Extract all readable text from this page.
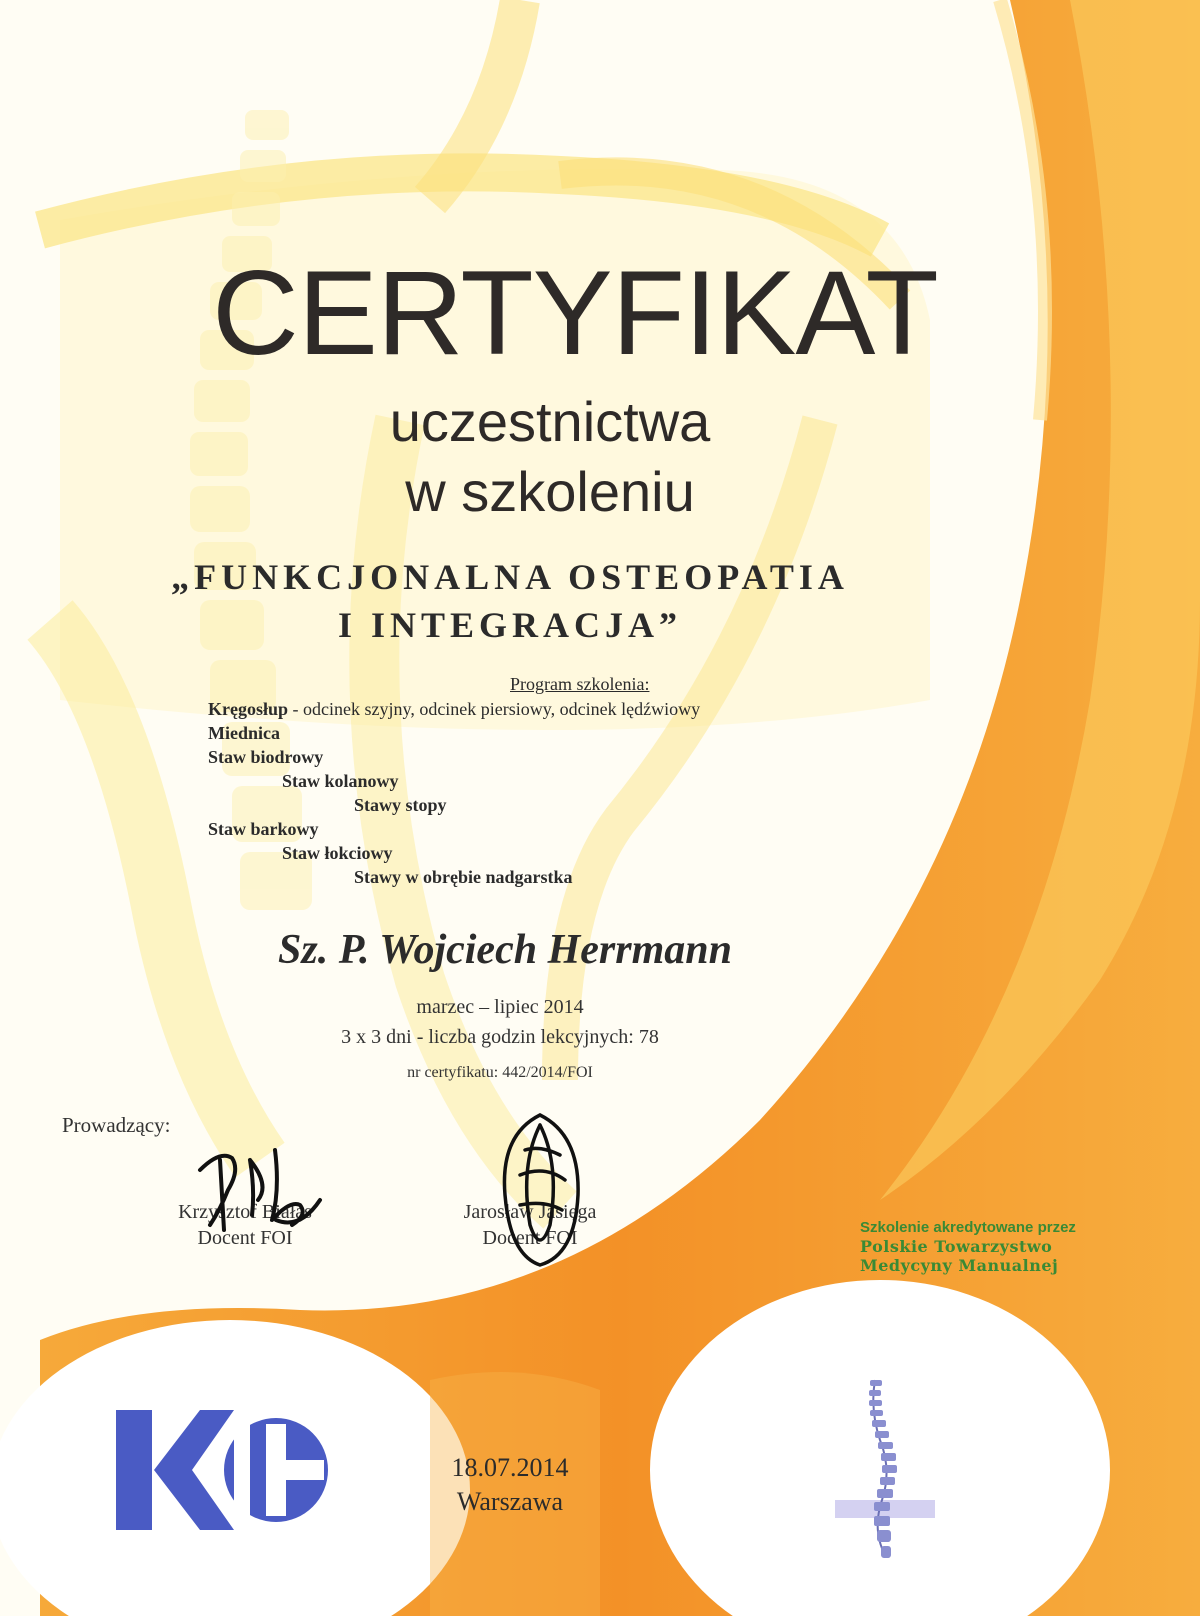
CERTYFIKAT
uczestnictwa
w szkoleniu
„FUNKCJONALNA OSTEOPATIA
I INTEGRACJA”
Program szkolenia:
Kręgosłup - odcinek szyjny, odcinek piersiowy, odcinek lędźwiowy
Miednica
Staw biodrowy
Staw kolanowy
Stawy stopy
Staw barkowy
Staw łokciowy
Stawy w obrębie nadgarstka
Sz. P. Wojciech Herrmann
marzec – lipiec 2014
3 x 3 dni - liczba godzin lekcyjnych: 78
nr certyfikatu: 442/2014/FOI
Prowadzący:
Krzysztof Białas
Docent FOI
Jarosław Jasięga
Docent FOI	Szkolenie akredytowane przez
Polskie Towarzystwo
Medycyny Manualnej
18.07.2014
Warszawa
